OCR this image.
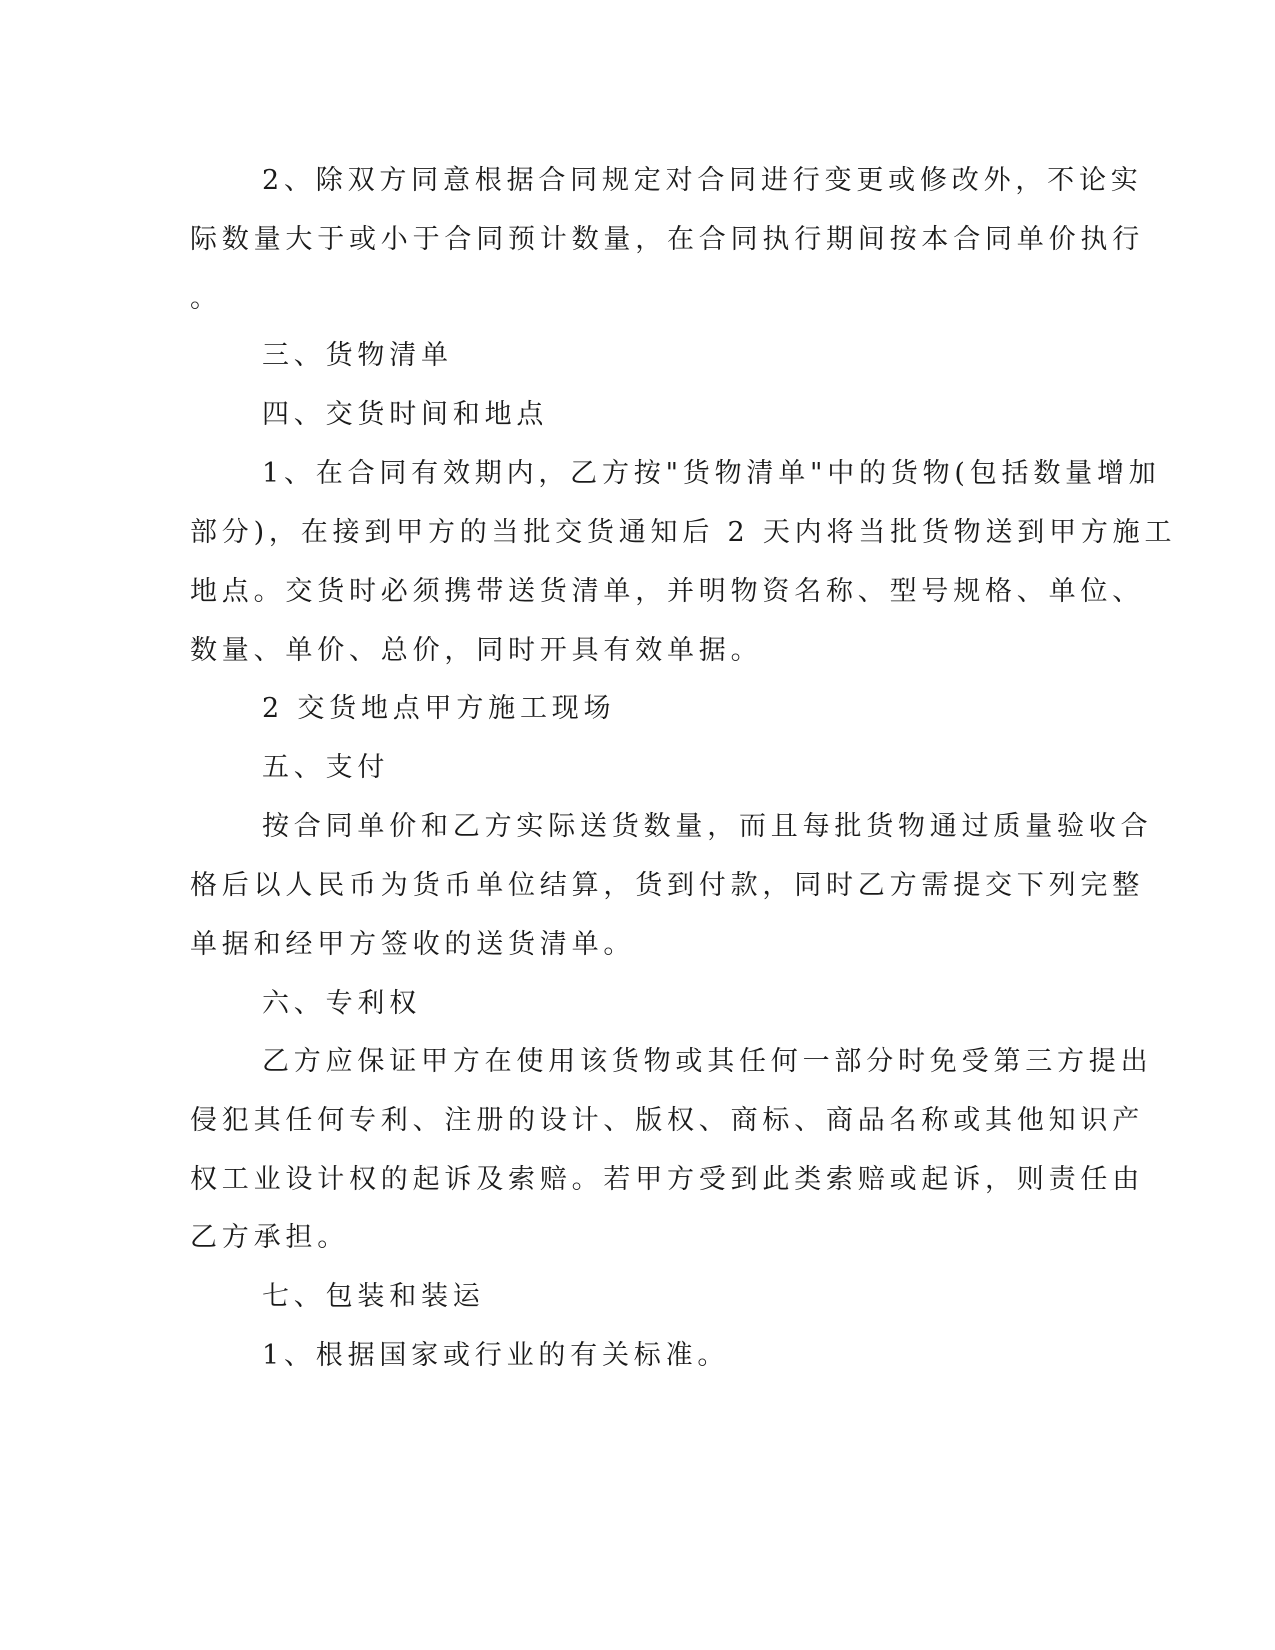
2、除双方同意根据合同规定对合同进行变更或修改外，不论实
际数量大于或小于合同预计数量，在合同执行期间按本合同单价执行
。
三、货物清单
四、交货时间和地点
1、在合同有效期内，乙方按"货物清单"中的货物(包括数量增加
部分)，在接到甲方的当批交货通知后 2 天内将当批货物送到甲方施工
地点。交货时必须携带送货清单，并明物资名称、型号规格、单位、
数量、单价、总价，同时开具有效单据。
2 交货地点甲方施工现场
五、支付
按合同单价和乙方实际送货数量，而且每批货物通过质量验收合
格后以人民币为货币单位结算，货到付款，同时乙方需提交下列完整
单据和经甲方签收的送货清单。
六、专利权
乙方应保证甲方在使用该货物或其任何一部分时免受第三方提出
侵犯其任何专利、注册的设计、版权、商标、商品名称或其他知识产
权工业设计权的起诉及索赔。若甲方受到此类索赔或起诉，则责任由
乙方承担。
七、包装和装运
1、根据国家或行业的有关标准。
